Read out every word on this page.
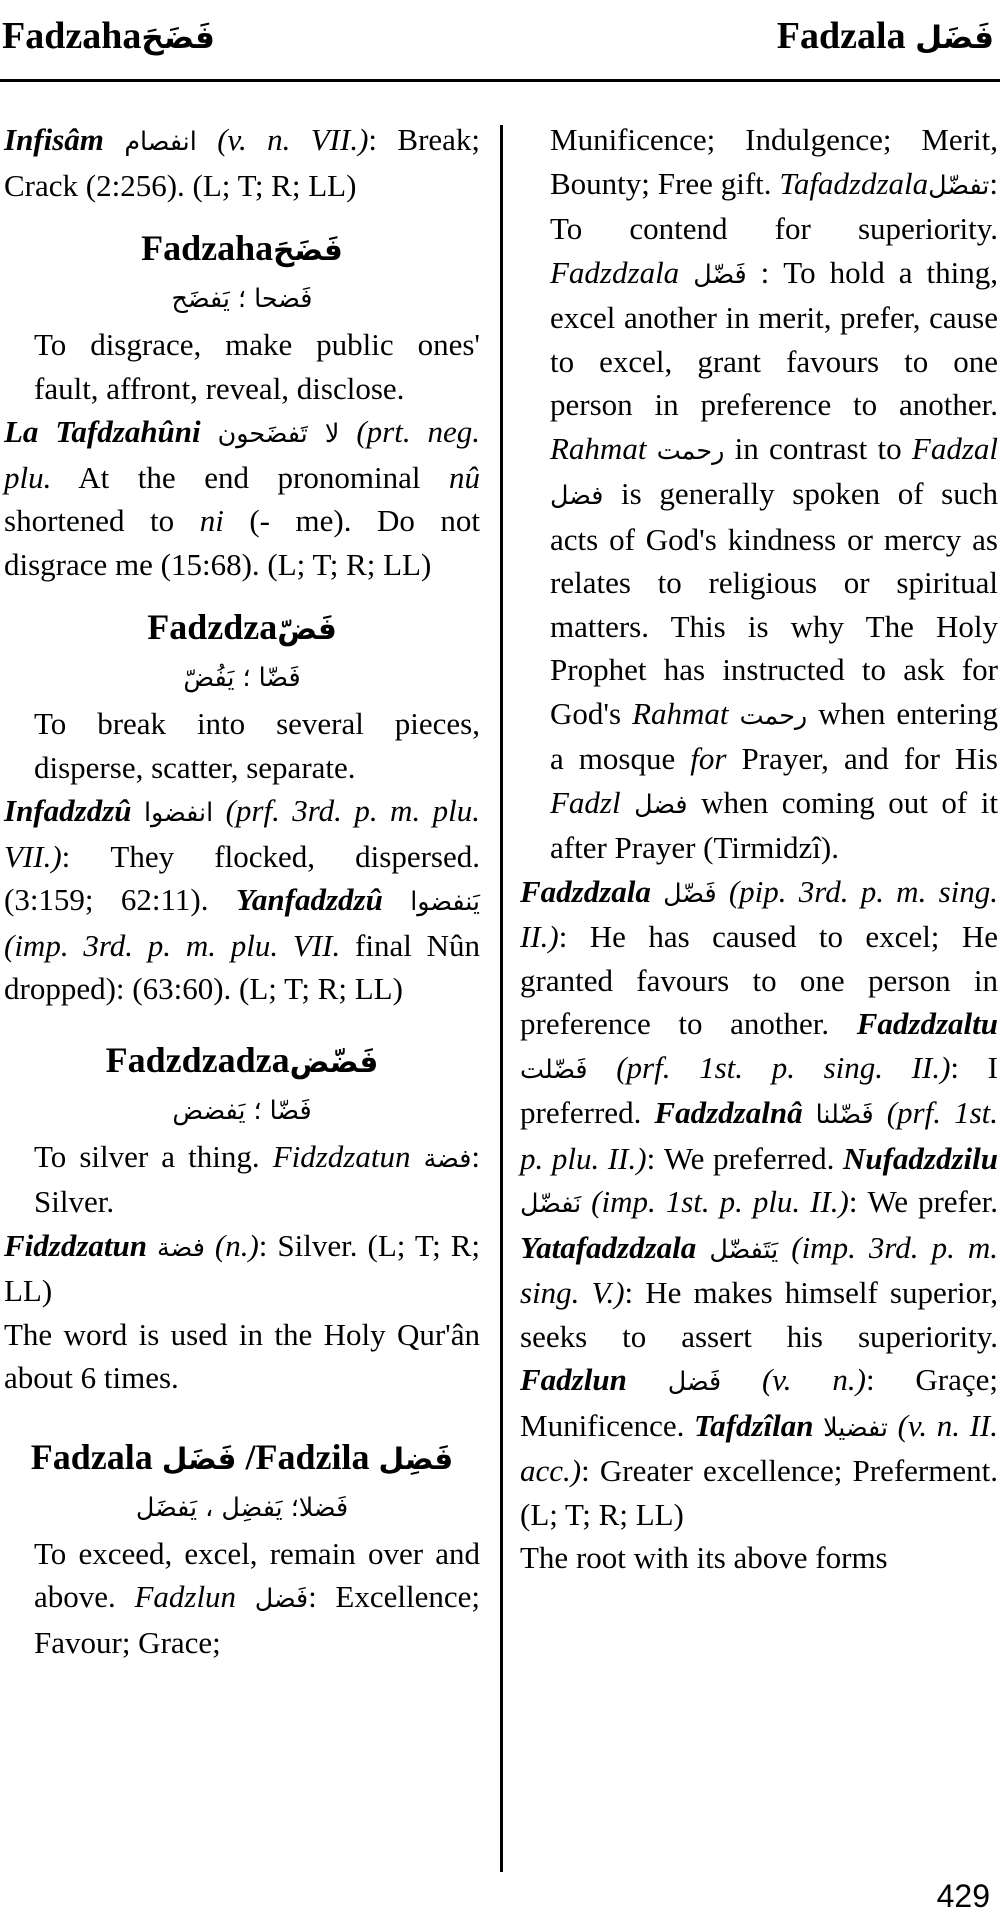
Fadzahaفَضَحَ	Fadzala فَضَل

Infisâm انفصام (v. n. VII.): Break; Crack (2:256). (L; T; R; LL)

Fadzahaفَضَحَ
فَضحا ؛ يَفضَح

To disgrace, make public ones' fault, affront, reveal, disclose.

La Tafdzahûni لا تَفضَحون (prt. neg. plu. At the end pronominal nû shortened to ni (- me). Do not disgrace me (15:68). (L; T; R; LL)

Fadzdzaفَضّ
فَضّا ؛ يَفُضّ

To break into several pieces, disperse, scatter, separate.

Infadzdzû انفضوا (prf. 3rd. p. m. plu. VII.): They flocked, dispersed. (3:159; 62:11). Yanfadzdzû يَنفضوا (imp. 3rd. p. m. plu. VII. final Nûn dropped): (63:60). (L; T; R; LL)

Fadzdzadzaفَضّض
فَضّا ؛ يَفضض

To silver a thing. Fidzdzatun فضة: Silver.

Fidzdzatun فضة (n.): Silver. (L; T; R; LL)

The word is used in the Holy Qur'ân about 6 times.

Fadzala فَضَل /Fadzila فَضِل
فَضلا؛ يَفضِل ، يَفضَل

To exceed, excel, remain over and above. Fadzlun فَضل: Excellence; Favour; Grace;

Munificence; Indulgence; Merit, Bounty; Free gift. Tafadzdzalaتفضّل: To contend for superiority. Fadzdzala فَضّل : To hold a thing, excel another in merit, prefer, cause to excel, grant favours to one person in preference to another. Rahmat رحمت in contrast to Fadzal فضل is generally spoken of such acts of God's kindness or mercy as relates to religious or spiritual matters. This is why The Holy Prophet has instructed to ask for God's Rahmat رحمت when entering a mosque for Prayer, and for His Fadzl فضل when coming out of it after Prayer (Tirmidzî).

Fadzdzala فَضّل (pip. 3rd. p. m. sing. II.): He has caused to excel; He granted favours to one person in preference to another. Fadzdzaltu فَضّلت (prf. 1st. p. sing. II.): I preferred. Fadzdzalnâ فَضّلنا (prf. 1st. p. plu. II.): We preferred. Nufadzdzilu نَفضّل (imp. 1st. p. plu. II.): We prefer. Yatafadzdzala يَتَفضّل (imp. 3rd. p. m. sing. V.): He makes himself superior, seeks to assert his superiority. Fadzlun فَضل (v. n.): Graçe; Munificence. Tafdzîlan تفضيلا (v. n. II. acc.): Greater excellence; Preferment. (L; T; R; LL)

The root with its above forms

429
